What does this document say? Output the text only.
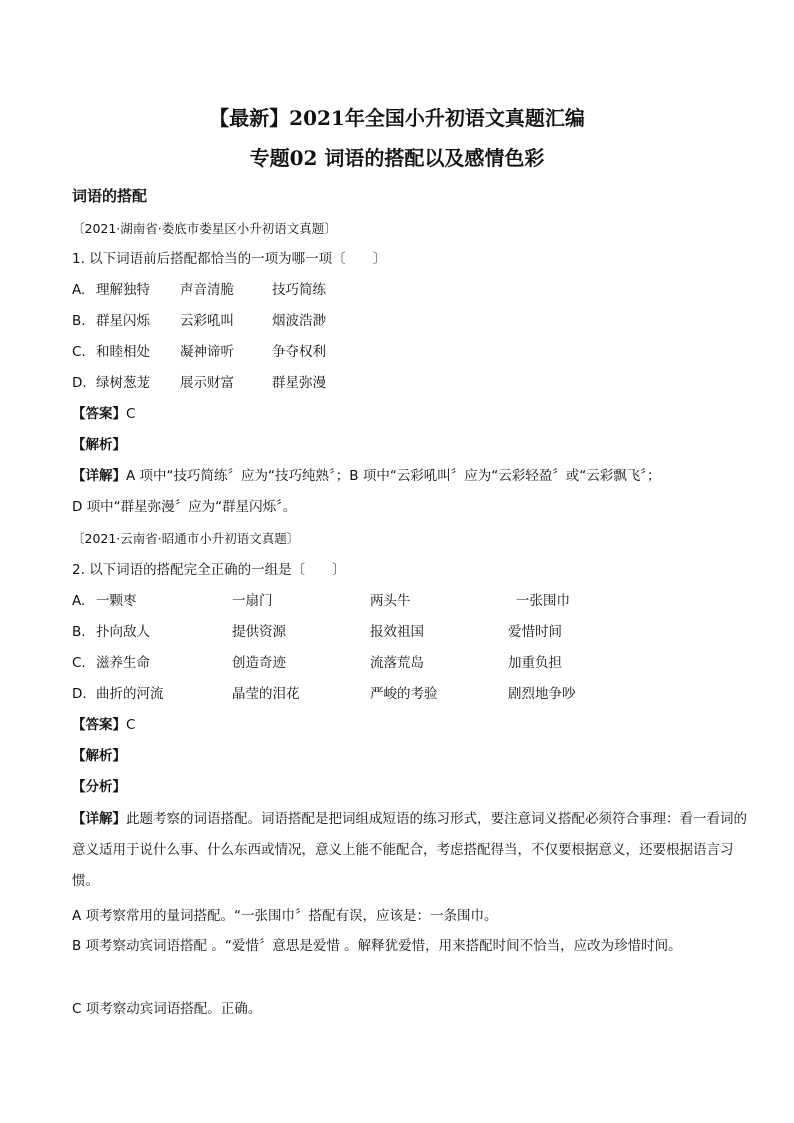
【最新】2021年全国小升初语文真题汇编
专题02 词语的搭配以及感情色彩
词语的搭配
〔2021·湖南省·娄底市娄星区小升初语文真题〕
1. 以下词语前后搭配都恰当的一项为哪一项〔　　〕
A. 理解独特 声音清脆	技巧简练
B. 群星闪烁 云彩吼叫	烟波浩渺
C. 和睦相处 凝神谛听	争夺权利
D. 绿树葱茏 展示财富	群星弥漫
【答案】C
【解析】
【详解】A 项中“技巧简练〞应为“技巧纯熟〞；B 项中“云彩吼叫〞应为“云彩轻盈〞或“云彩飘飞〞；
D 项中“群星弥漫〞应为“群星闪烁〞。
〔2021·云南省·昭通市小升初语文真题〕
2. 以下词语的搭配完全正确的一组是〔　　〕
A. 一颗枣	一扇门	两头牛	一张围巾
B. 扑向敌人	提供资源	报效祖国	爱惜时间
C. 滋养生命	创造奇迹	流落荒岛	加重负担
D. 曲折的河流	晶莹的泪花	严峻的考验	剧烈地争吵
【答案】C
【解析】
【分析】
【详解】此题考察的词语搭配。词语搭配是把词组成短语的练习形式，要注意词义搭配必须符合事理：看一看词的意义适用于说什么事、什么东西或情况，意义上能不能配合，考虑搭配得当，不仅要根据意义，还要根据语言习惯。
A 项考察常用的量词搭配。“一张围巾〞搭配有误，应该是：一条围巾。
B 项考察动宾词语搭配 。“爱惜〞意思是爱惜 。解释犹爱惜，用来搭配时间不恰当，应改为珍惜时间。
C 项考察动宾词语搭配。正确。
